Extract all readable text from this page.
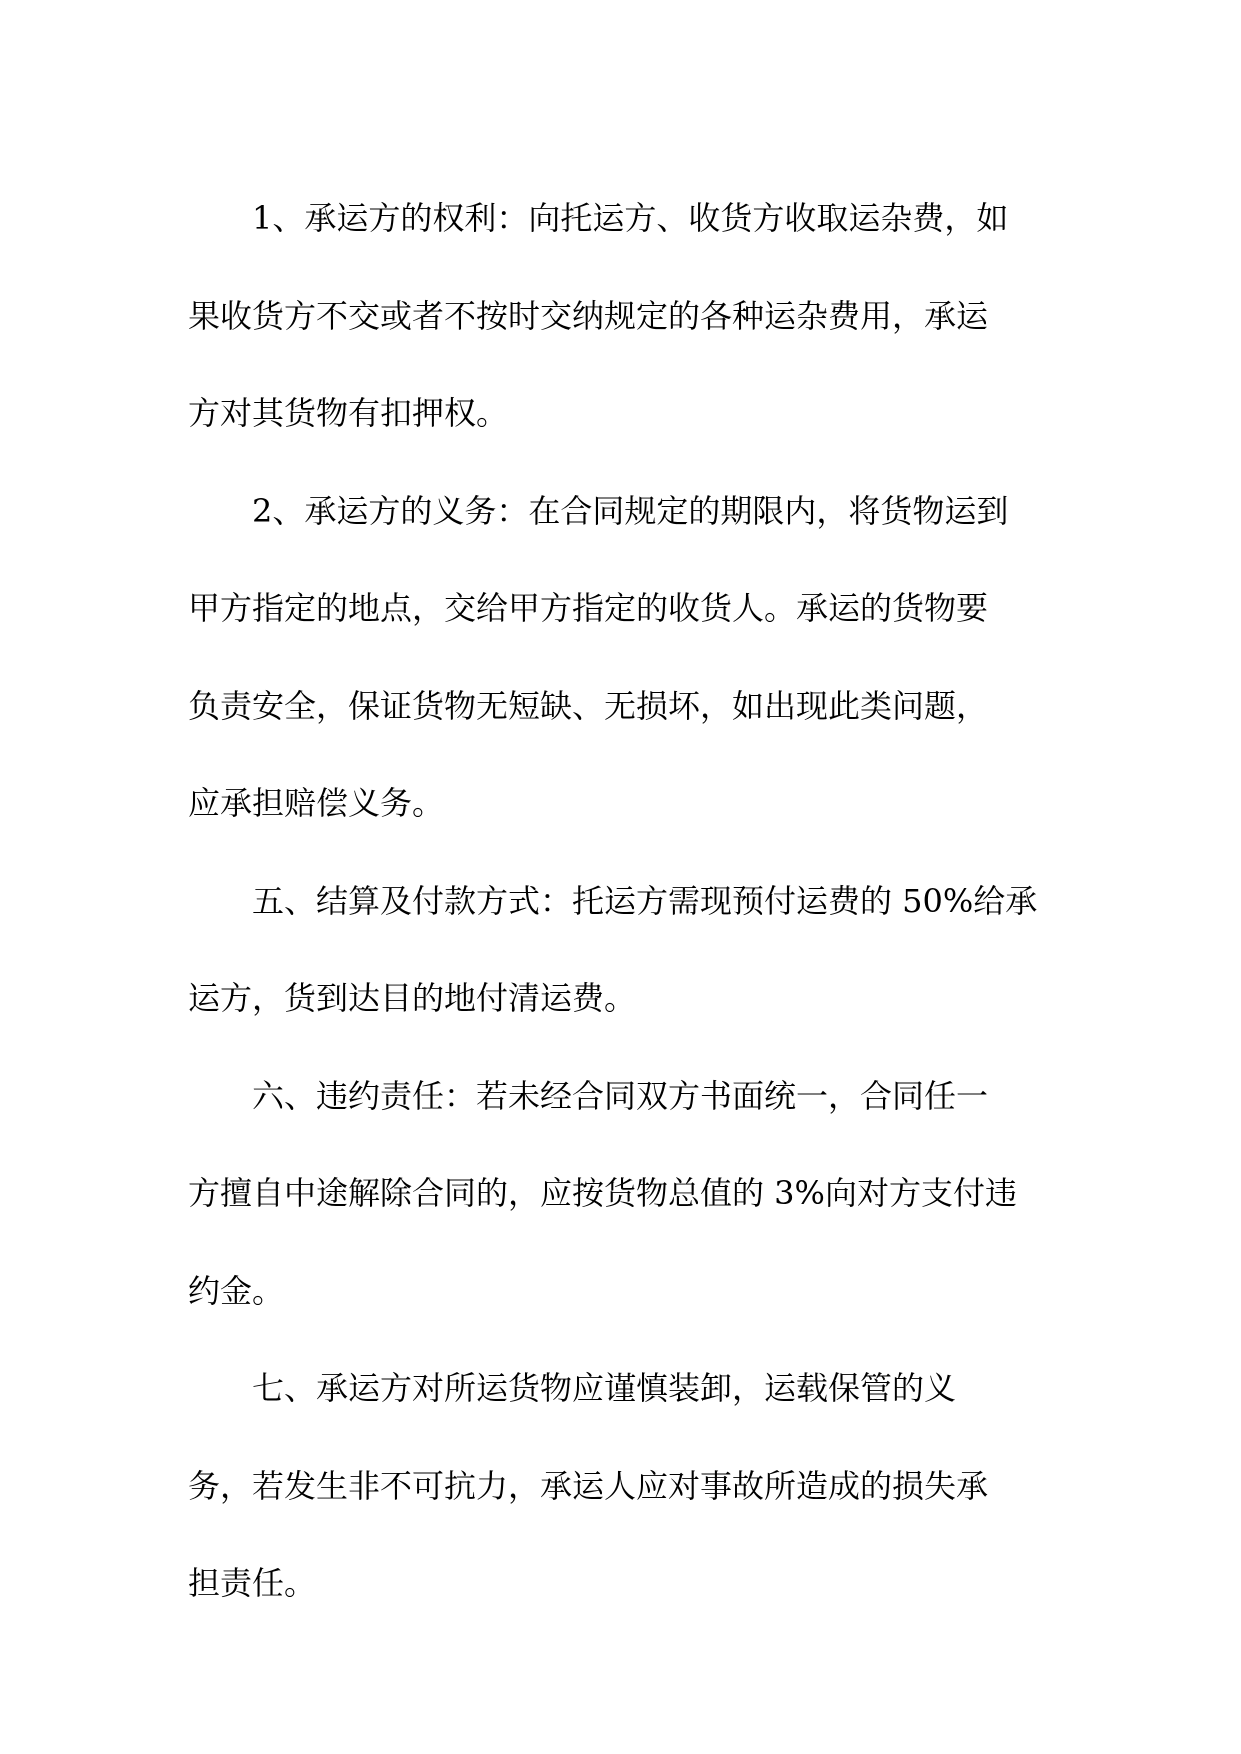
1、承运方的权利：向托运方、收货方收取运杂费，如
果收货方不交或者不按时交纳规定的各种运杂费用，承运
方对其货物有扣押权。
2、承运方的义务：在合同规定的期限内，将货物运到
甲方指定的地点，交给甲方指定的收货人。承运的货物要
负责安全，保证货物无短缺、无损坏，如出现此类问题，
应承担赔偿义务。
五、结算及付款方式：托运方需现预付运费的 50%给承
运方，货到达目的地付清运费。
六、违约责任：若未经合同双方书面统一，合同任一
方擅自中途解除合同的，应按货物总值的 3%向对方支付违
约金。
七、承运方对所运货物应谨慎装卸，运载保管的义
务，若发生非不可抗力，承运人应对事故所造成的损失承
担责任。
